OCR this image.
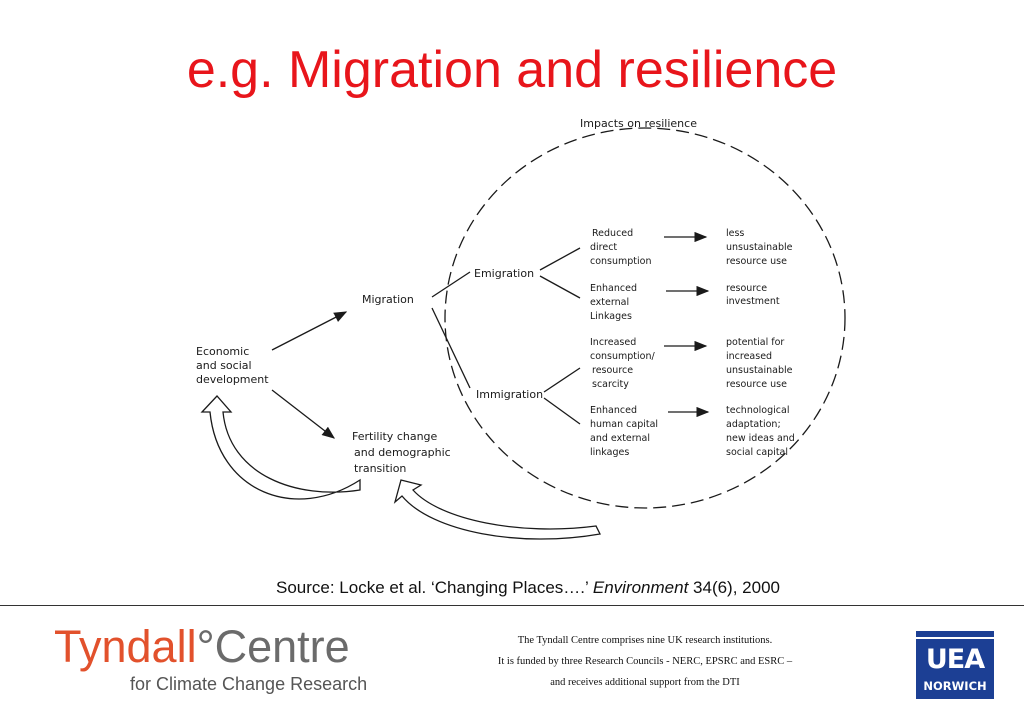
e.g. Migration and resilience
Impacts on resilience
Economic and social development
Migration
Fertility change and demographic transition
Emigration
Immigration
Reduced direct consumption
Enhanced external Linkages
Increased consumption/ resource scarcity
Enhanced human capital and external linkages
less unsustainable resource use
resource investment
potential for increased unsustainable resource use
technological adaptation; new ideas and social capital
Source: Locke et al. ‘Changing Places….’ Environment 34(6), 2000
Tyndall°Centre
for Climate Change Research
The Tyndall Centre comprises nine UK research institutions.
It is funded by three Research Councils - NERC, EPSRC and ESRC –
and receives additional support from the DTI
UEA
NORWICH
